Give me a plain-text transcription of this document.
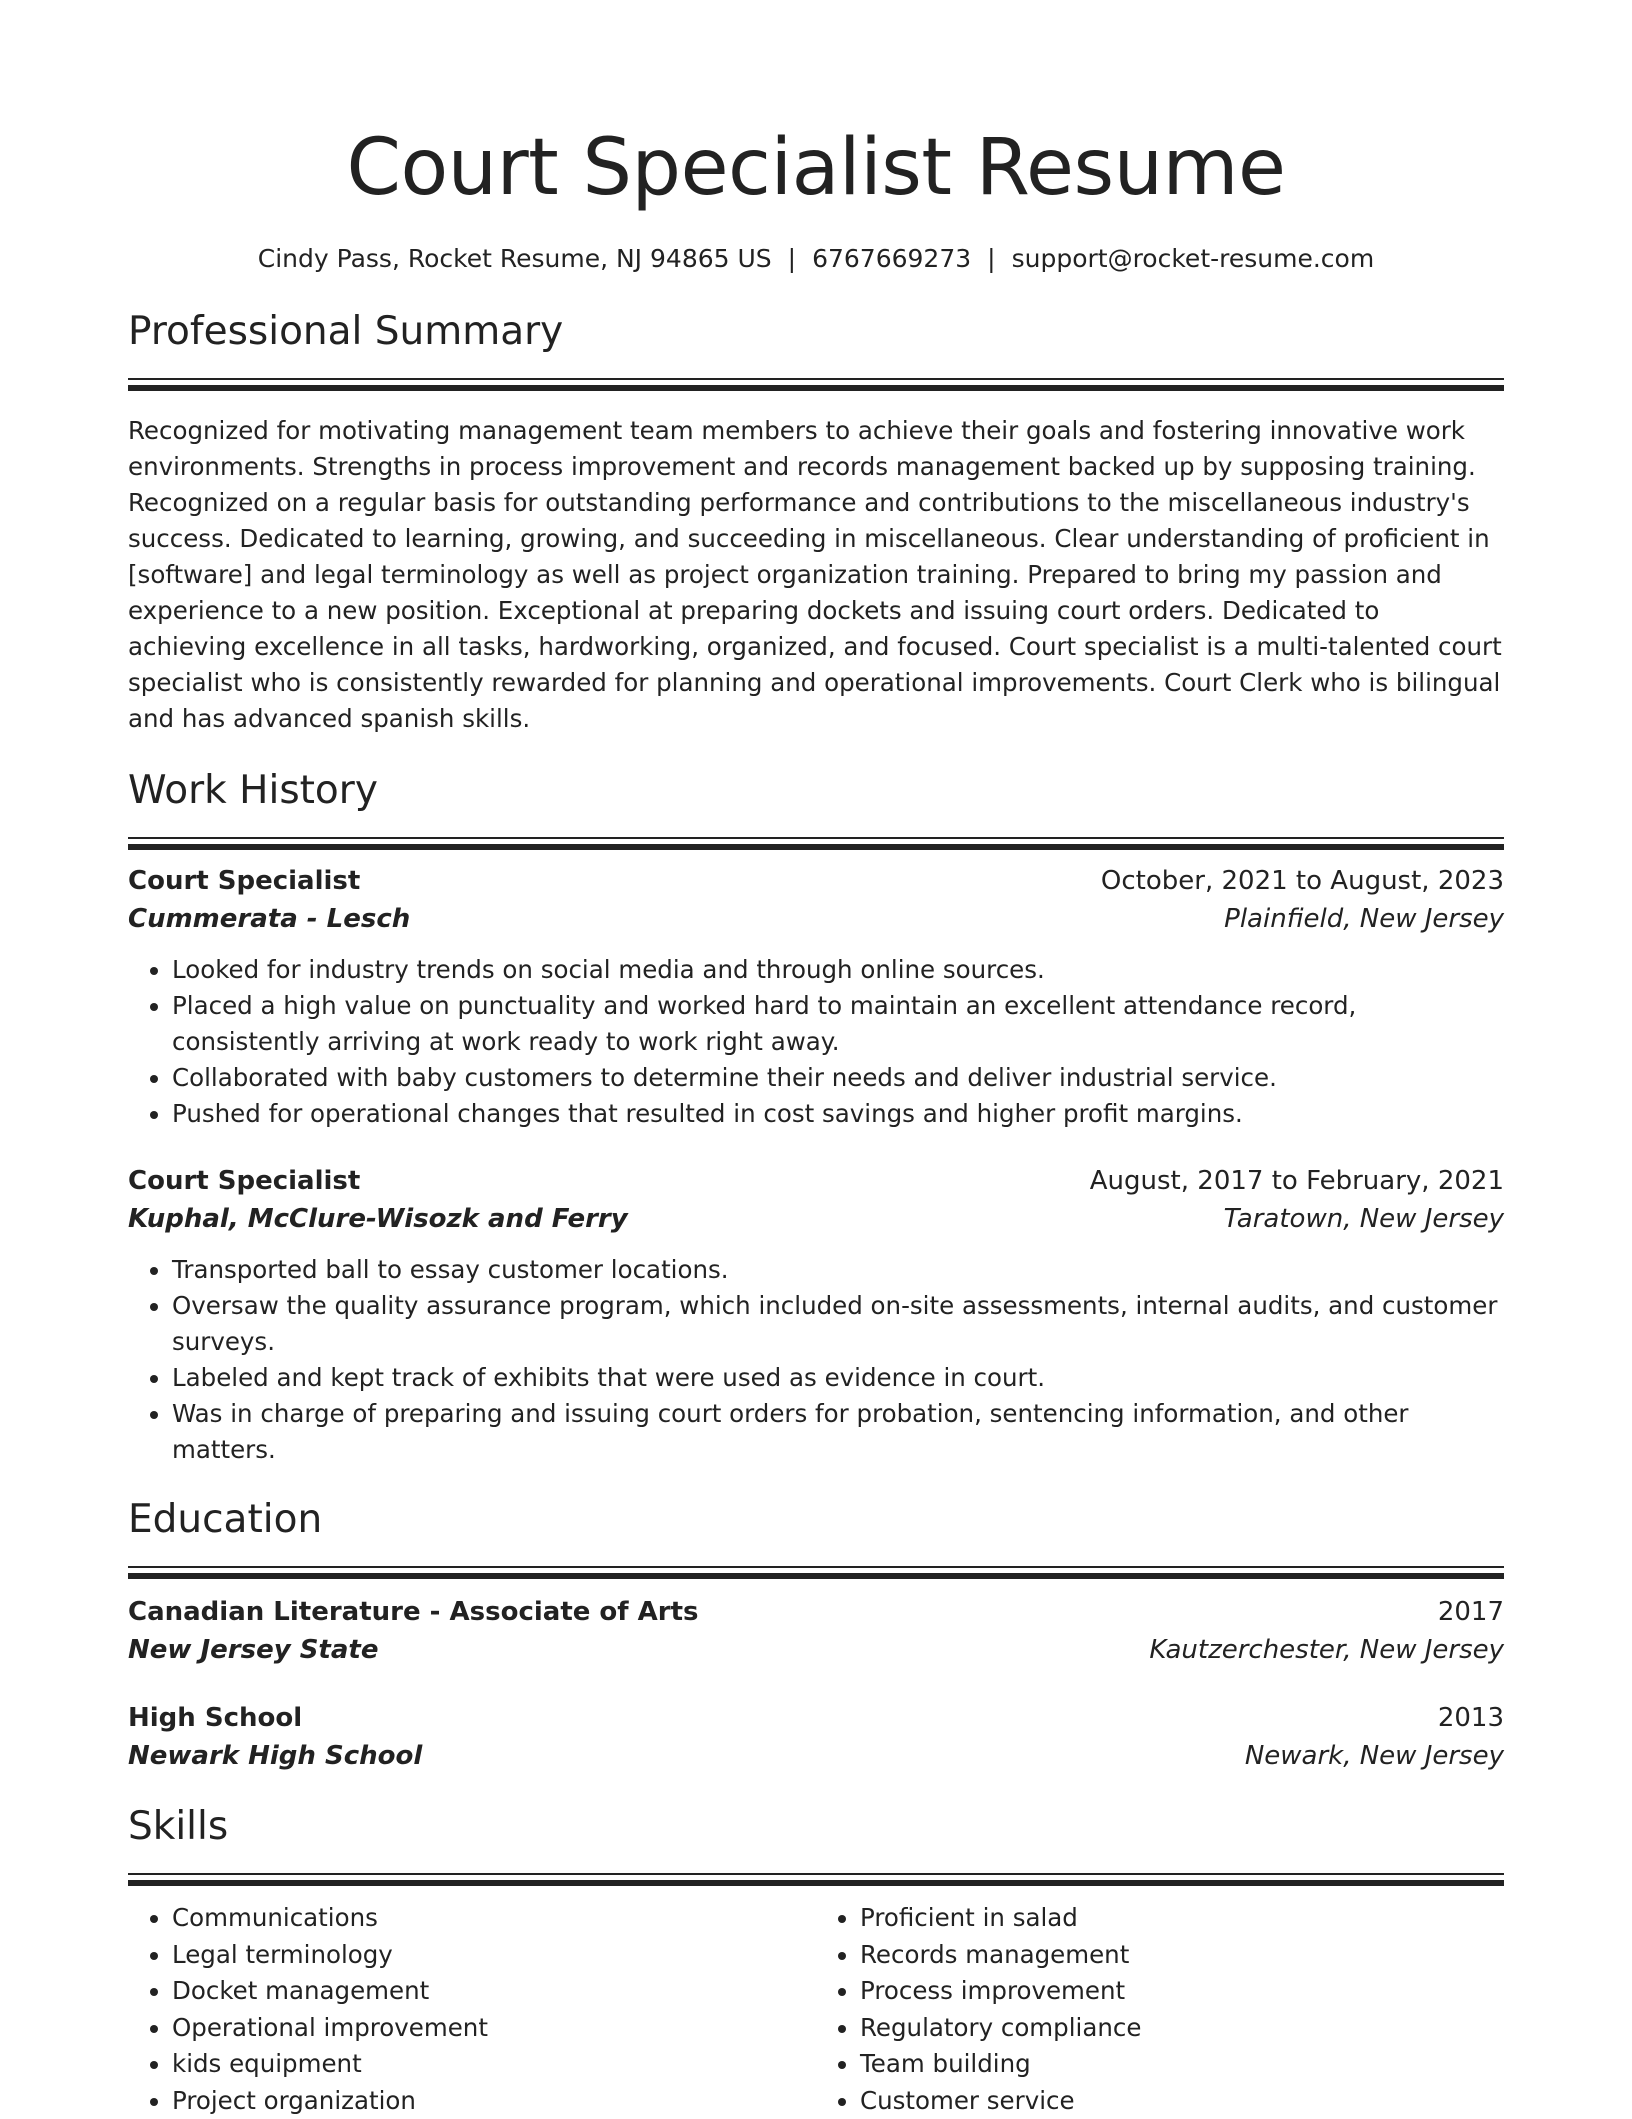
Court Specialist Resume
Cindy Pass, Rocket Resume, NJ 94865 US | 6767669273 | support@rocket-resume.com
Professional Summary

Recognized for motivating management team members to achieve their goals and fostering innovative work environments. Strengths in process improvement and records management backed up by supposing training. Recognized on a regular basis for outstanding performance and contributions to the miscellaneous industry's success. Dedicated to learning, growing, and succeeding in miscellaneous. Clear understanding of proficient in [software] and legal terminology as well as project organization training. Prepared to bring my passion and experience to a new position. Exceptional at preparing dockets and issuing court orders. Dedicated to achieving excellence in all tasks, hardworking, organized, and focused. Court specialist is a multi-talented court specialist who is consistently rewarded for planning and operational improvements. Court Clerk who is bilingual and has advanced spanish skills.

Work History
Court Specialist	October, 2021 to August, 2023
Cummerata - Lesch	Plainfield, New Jersey
• Looked for industry trends on social media and through online sources.
• Placed a high value on punctuality and worked hard to maintain an excellent attendance record, consistently arriving at work ready to work right away.
• Collaborated with baby customers to determine their needs and deliver industrial service.
• Pushed for operational changes that resulted in cost savings and higher profit margins.
Court Specialist	August, 2017 to February, 2021
Kuphal, McClure-Wisozk and Ferry	Taratown, New Jersey
• Transported ball to essay customer locations.
• Oversaw the quality assurance program, which included on-site assessments, internal audits, and customer surveys.
• Labeled and kept track of exhibits that were used as evidence in court.
• Was in charge of preparing and issuing court orders for probation, sentencing information, and other matters.
Education
Canadian Literature - Associate of Arts	2017
New Jersey State	Kautzerchester, New Jersey
High School	2013
Newark High School	Newark, New Jersey
Skills
• Communications
• Legal terminology
• Docket management
• Operational improvement
• kids equipment
• Project organization
• Proficient in salad
• Records management
• Process improvement
• Regulatory compliance
• Team building
• Customer service
